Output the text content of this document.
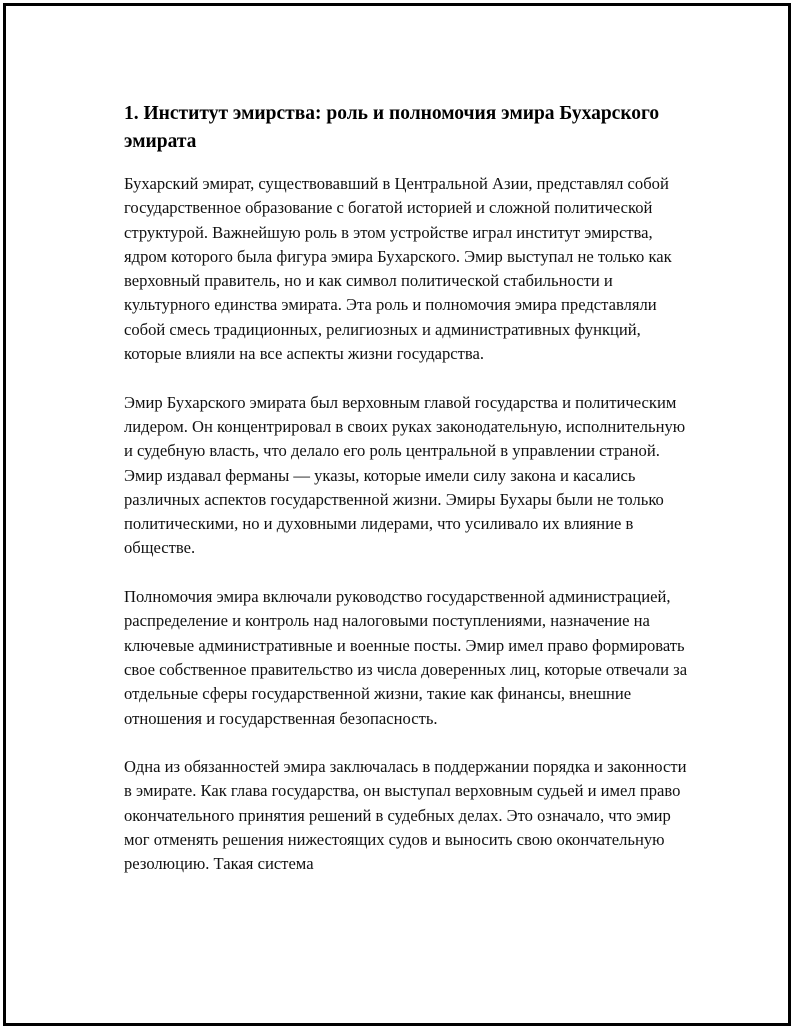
1. Институт эмирства: роль и полномочия эмира Бухарского эмирата

Бухарский эмират, существовавший в Центральной Азии, представлял собой государственное образование с богатой историей и сложной политической структурой. Важнейшую роль в этом устройстве играл институт эмирства, ядром которого была фигура эмира Бухарского. Эмир выступал не только как верховный правитель, но и как символ политической стабильности и культурного единства эмирата. Эта роль и полномочия эмира представляли собой смесь традиционных, религиозных и административных функций, которые влияли на все аспекты жизни государства.

Эмир Бухарского эмирата был верховным главой государства и политическим лидером. Он концентрировал в своих руках законодательную, исполнительную и судебную власть, что делало его роль центральной в управлении страной. Эмир издавал ферманы — указы, которые имели силу закона и касались различных аспектов государственной жизни. Эмиры Бухары были не только политическими, но и духовными лидерами, что усиливало их влияние в обществе.

Полномочия эмира включали руководство государственной администрацией, распределение и контроль над налоговыми поступлениями, назначение на ключевые административные и военные посты. Эмир имел право формировать свое собственное правительство из числа доверенных лиц, которые отвечали за отдельные сферы государственной жизни, такие как финансы, внешние отношения и государственная безопасность.

Одна из обязанностей эмира заключалась в поддержании порядка и законности в эмирате. Как глава государства, он выступал верховным судьей и имел право окончательного принятия решений в судебных делах. Это означало, что эмир мог отменять решения нижестоящих судов и выносить свою окончательную резолюцию. Такая система
